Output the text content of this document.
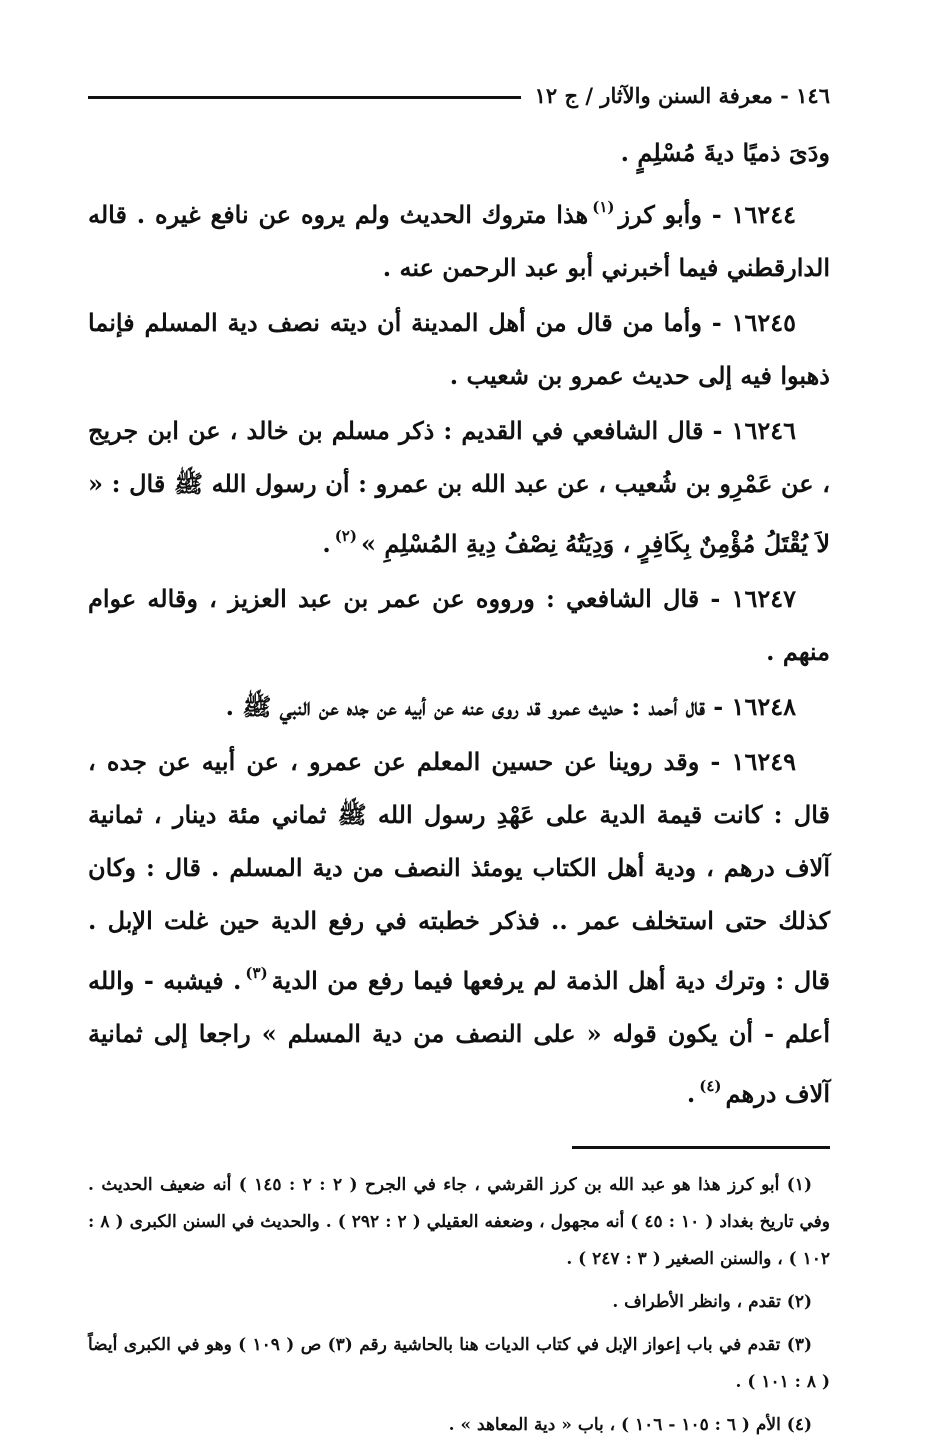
١٤٦ - معرفة السنن والآثار / ج ١٢

ودَىَ ذميًا ديةَ مُسْلِمٍ .

١٦٢٤٤ - وأبو كرز$^{(١)}$هذا متروك الحديث ولم يروه عن نافع غيره . قاله الدارقطني فيما أخبرني أبو عبد الرحمن عنه .

١٦٢٤٥ - وأما من قال من أهل المدينة أن ديته نصف دية المسلم فإنما ذهبوا فيه إلى حديث عمرو بن شعيب .

١٦٢٤٦ - قال الشافعي في القديم : ذكر مسلم بن خالد ، عن ابن جريج ، عن عَمْرِو بن شُعيب ، عن عبد الله بن عمرو : أن رسول الله ﷺ قال : « لاَ يُقْتَلُ مُؤْمِنٌ بِكَافِرٍ ، وَدِيَتُهُ نِصْفُ دِيةِ المُسْلِمِ »$^{(٢)}$.

١٦٢٤٧ - قال الشافعي : ورووه عن عمر بن عبد العزيز ، وقاله عوام منهم .

١٦٢٤٨ - قال أحمد : حديث عمرو قد روى عنه عن أبيه عن جده عن النبي ﷺ .

١٦٢٤٩ - وقد روينا عن حسين المعلم عن عمرو ، عن أبيه عن جده ، قال : كانت قيمة الدية على عَهْدِ رسول الله ﷺ ثماني مئة دينار ، ثمانية آلاف درهم ، ودية أهل الكتاب يومئذ النصف من دية المسلم . قال : وكان كذلك حتى استخلف عمر .. فذكر خطبته في رفع الدية حين غلت الإبل . قال : وترك دية أهل الذمة لم يرفعها فيما رفع من الدية$^{(٣)}$. فيشبه - والله أعلم - أن يكون قوله « على النصف من دية المسلم » راجعا إلى ثمانية آلاف درهم$^{(٤)}$.

(١) أبو كرز هذا هو عبد الله بن كرز القرشي ، جاء في الجرح ( ٢ : ٢ : ١٤٥ ) أنه ضعيف الحديث . وفي تاريخ بغداد ( ١٠ : ٤٥ ) أنه مجهول ، وضعفه العقيلي ( ٢ : ٢٩٢ ) . والحديث في السنن الكبرى ( ٨ : ١٠٢ ) ، والسنن الصغير ( ٣ : ٢٤٧ ) .

(٢) تقدم ، وانظر الأطراف .

(٣) تقدم في باب إعواز الإبل في كتاب الديات هنا بالحاشية رقم (٣) ص ( ١٠٩ ) وهو في الكبرى أيضاً ( ٨ : ١٠١ ) .

(٤) الأم ( ٦ : ١٠٥ - ١٠٦ ) ، باب « دية المعاهد » .
